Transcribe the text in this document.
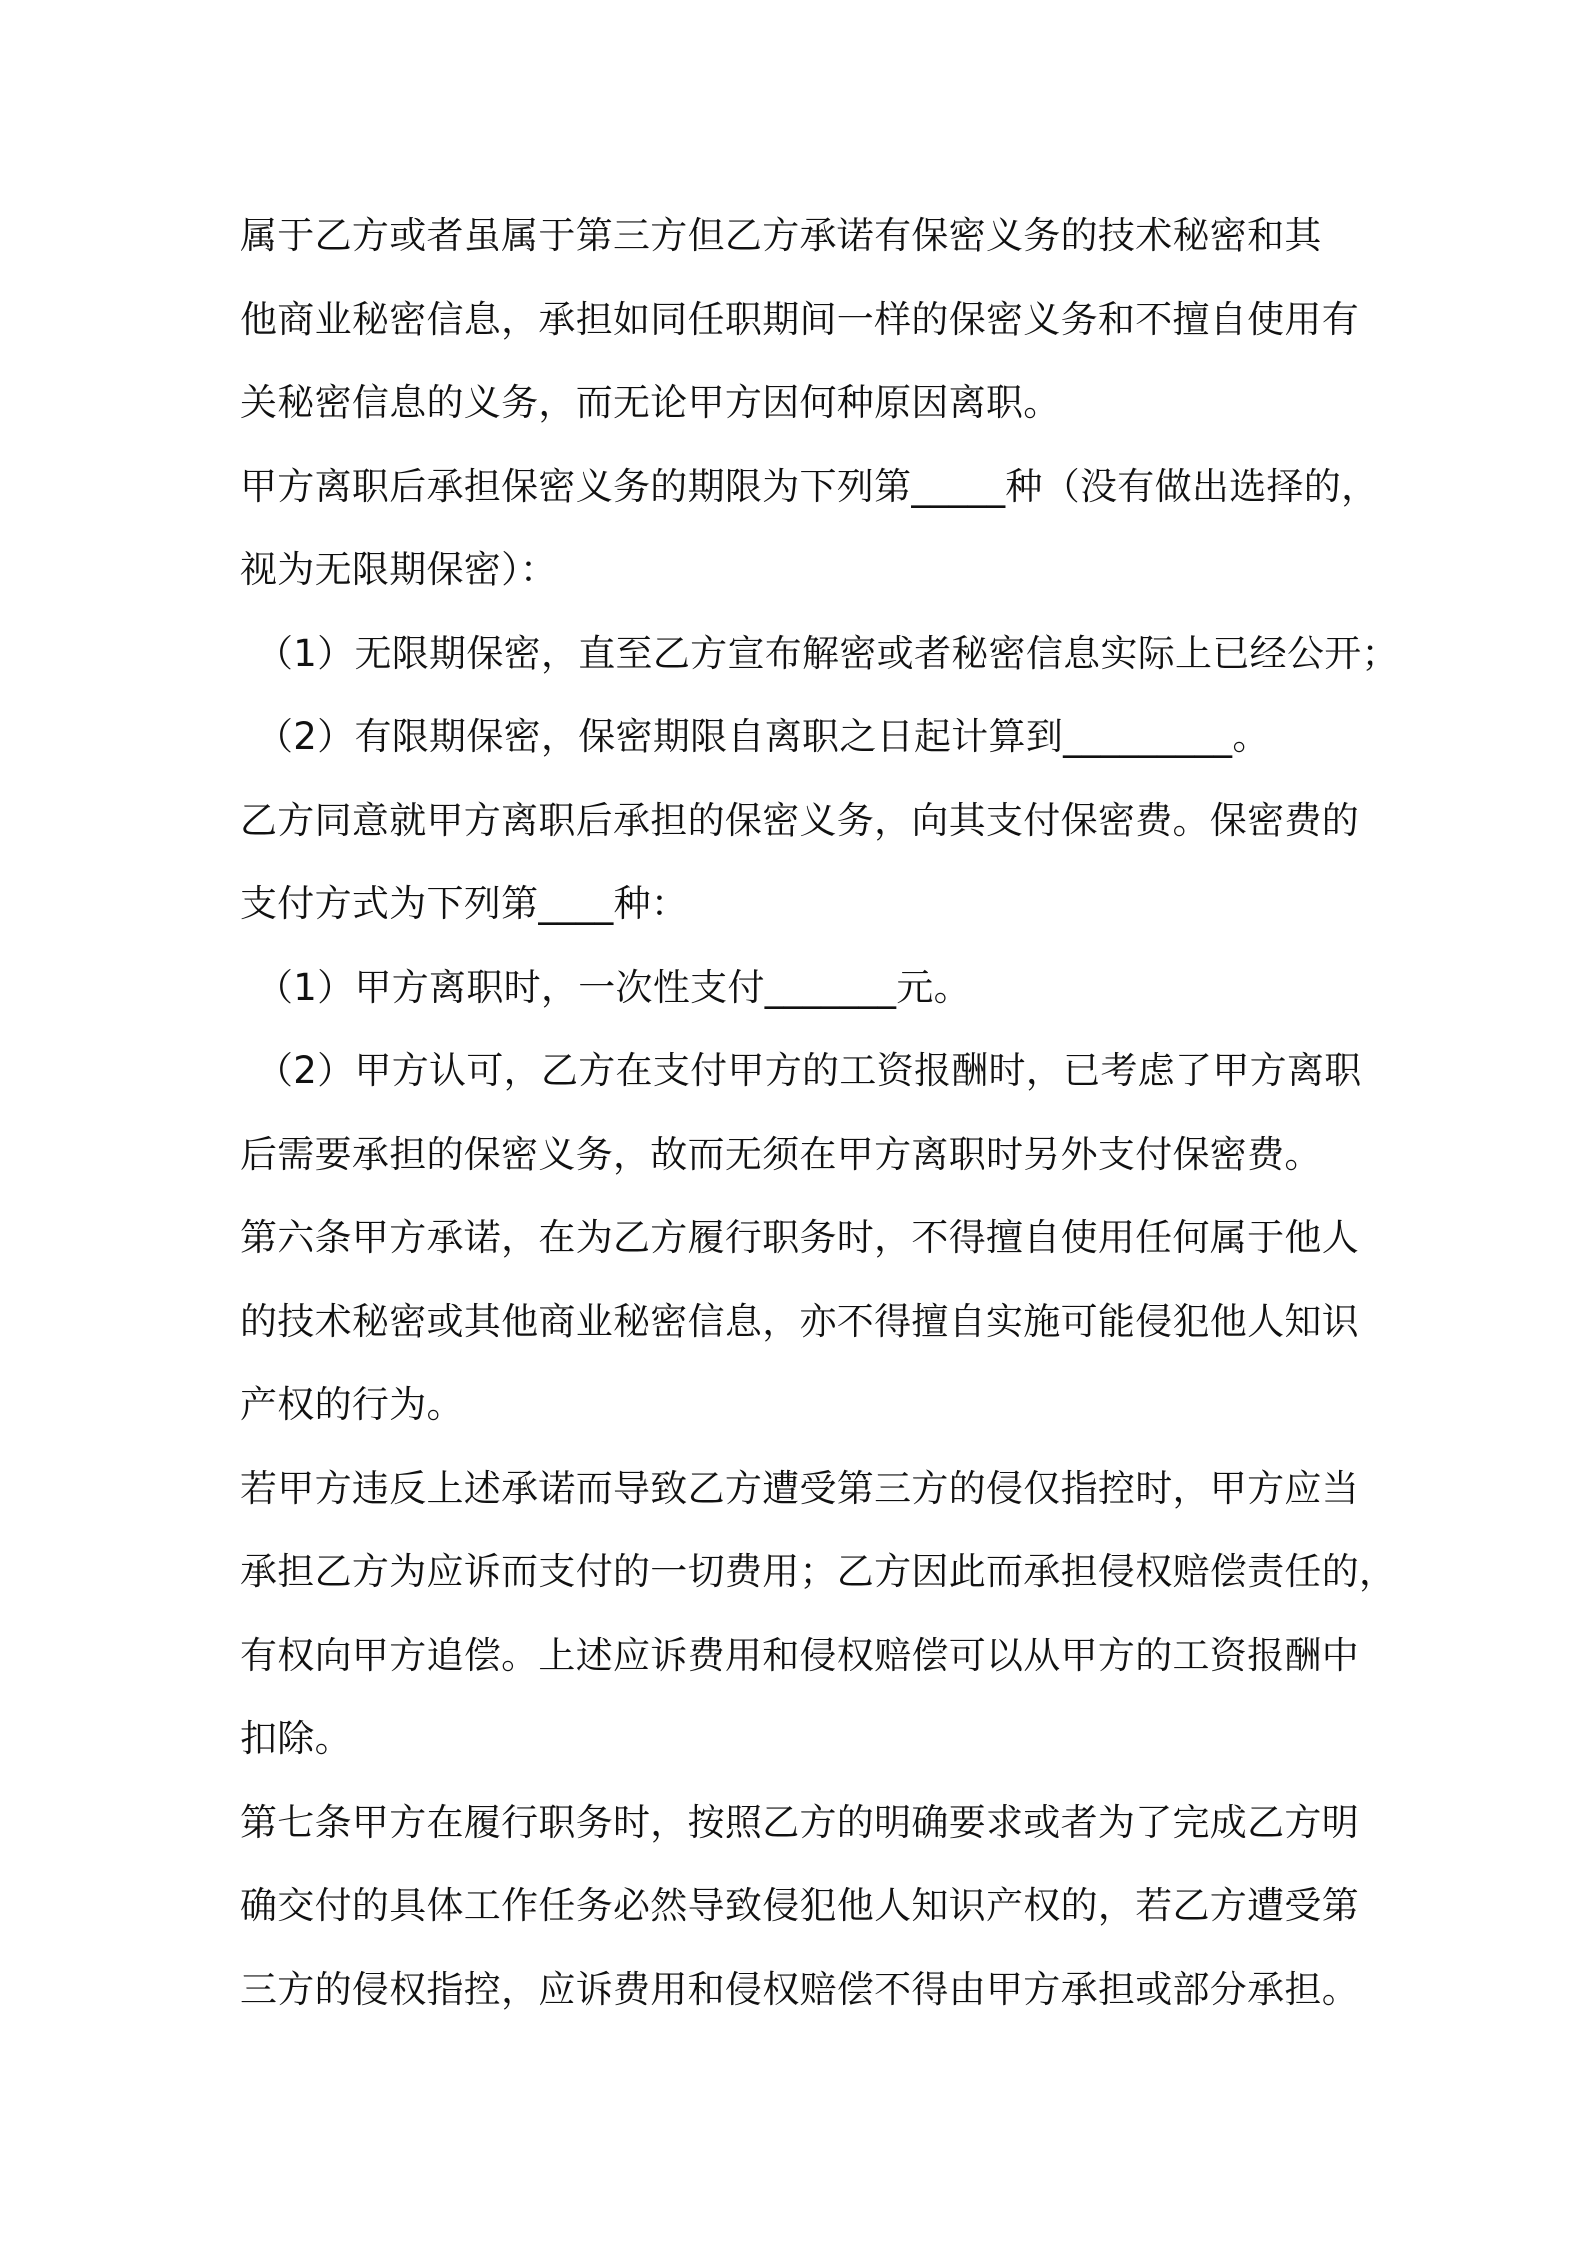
属于乙方或者虽属于第三方但乙方承诺有保密义务的技术秘密和其
他商业秘密信息，承担如同任职期间一样的保密义务和不擅自使用有
关秘密信息的义务，而无论甲方因何种原因离职。
甲方离职后承担保密义务的期限为下列第_____种（没有做出选择的，
视为无限期保密）：
（1）无限期保密，直至乙方宣布解密或者秘密信息实际上已经公开；
（2）有限期保密，保密期限自离职之日起计算到_________。
乙方同意就甲方离职后承担的保密义务，向其支付保密费。保密费的
支付方式为下列第____种：
（1）甲方离职时，一次性支付_______元。
（2）甲方认可，乙方在支付甲方的工资报酬时，已考虑了甲方离职
后需要承担的保密义务，故而无须在甲方离职时另外支付保密费。
第六条甲方承诺，在为乙方履行职务时，不得擅自使用任何属于他人
的技术秘密或其他商业秘密信息，亦不得擅自实施可能侵犯他人知识
产权的行为。
若甲方违反上述承诺而导致乙方遭受第三方的侵仅指控时，甲方应当
承担乙方为应诉而支付的一切费用；乙方因此而承担侵权赔偿责任的，
有权向甲方追偿。上述应诉费用和侵权赔偿可以从甲方的工资报酬中
扣除。
第七条甲方在履行职务时，按照乙方的明确要求或者为了完成乙方明
确交付的具体工作任务必然导致侵犯他人知识产权的，若乙方遭受第
三方的侵权指控，应诉费用和侵权赔偿不得由甲方承担或部分承担。
